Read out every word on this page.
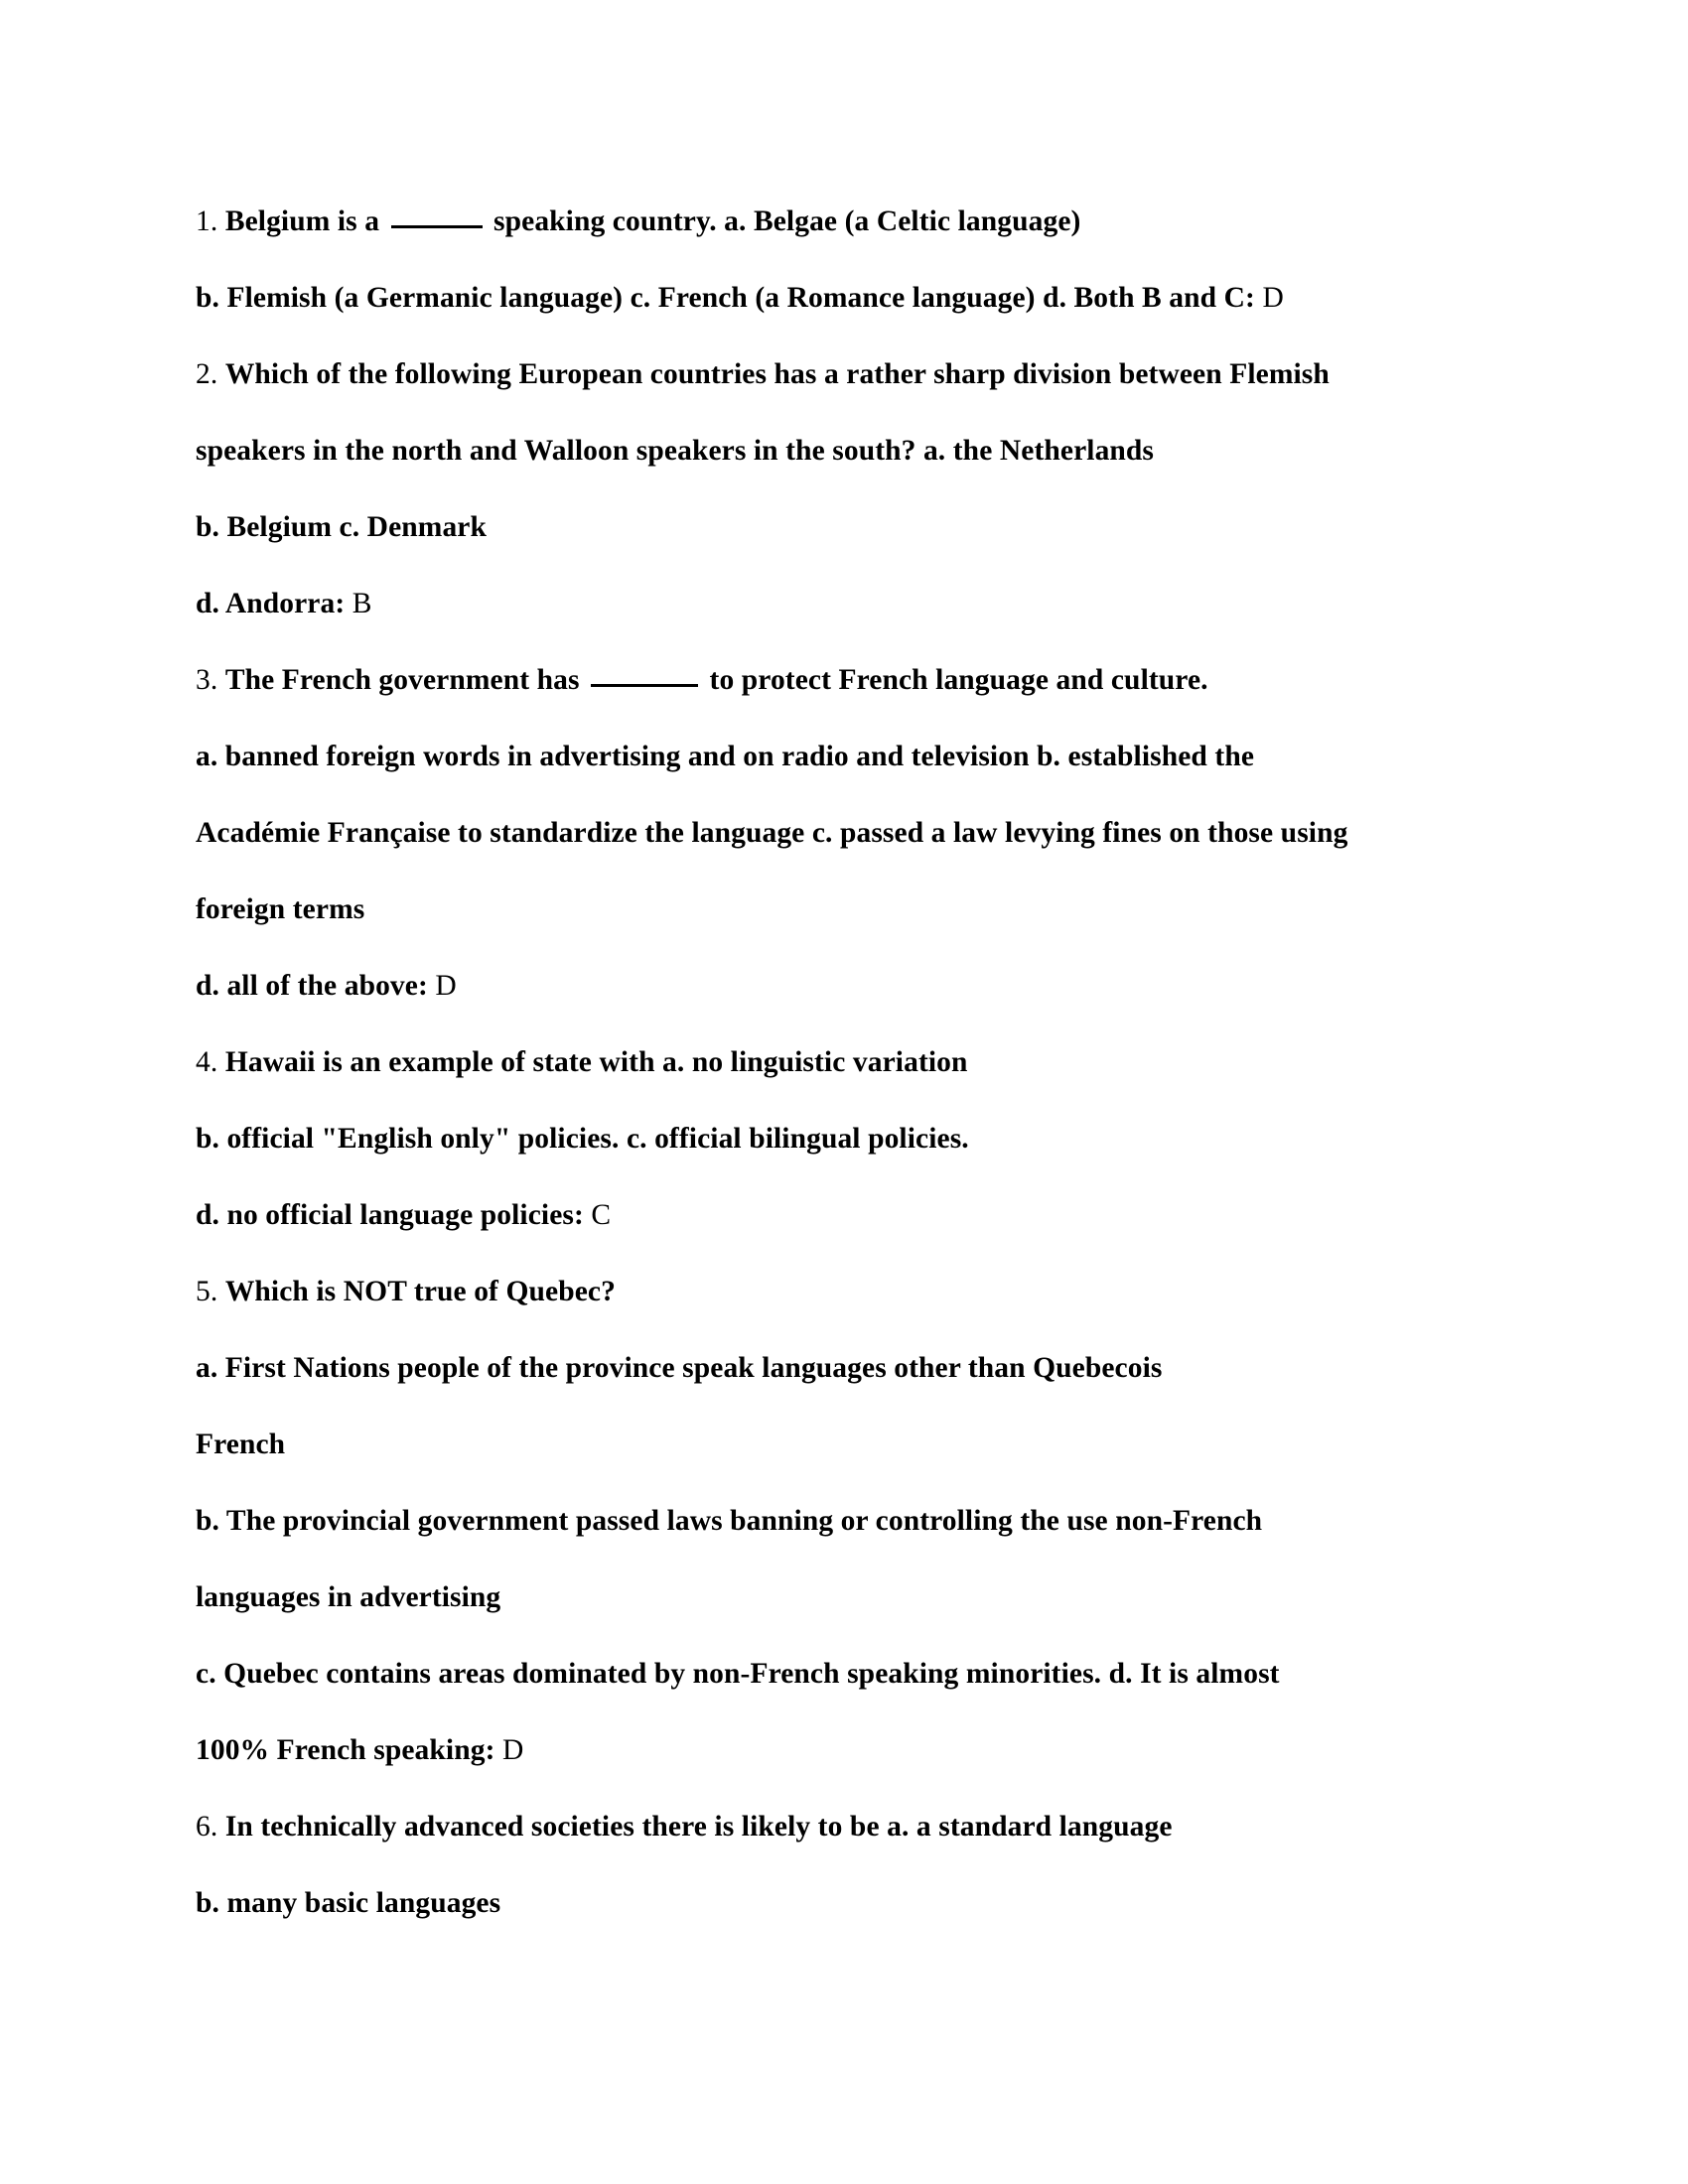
1. Belgium is a	speaking country. a. Belgae (a Celtic language)
b. Flemish (a Germanic language) c. French (a Romance language) d. Both B and C: D
2. Which of the following European countries has a rather sharp division between Flemish
speakers in the north and Walloon speakers in the south? a. the Netherlands
b. Belgium c. Denmark
d. Andorra: B
3. The French government has	to protect French language and culture.
a. banned foreign words in advertising and on radio and television b. established the
Académie Française to standardize the language c. passed a law levying fines on those using
foreign terms
d. all of the above: D
4. Hawaii is an example of state with a. no linguistic variation
b. official "English only" policies. c. official bilingual policies.
d. no official language policies: C
5. Which is NOT true of Quebec?
a. First Nations people of the province speak languages other than Quebecois
French
b. The provincial government passed laws banning or controlling the use non-French
languages in advertising
c. Quebec contains areas dominated by non-French speaking minorities. d. It is almost
100% French speaking: D
6. In technically advanced societies there is likely to be a. a standard language
b. many basic languages
